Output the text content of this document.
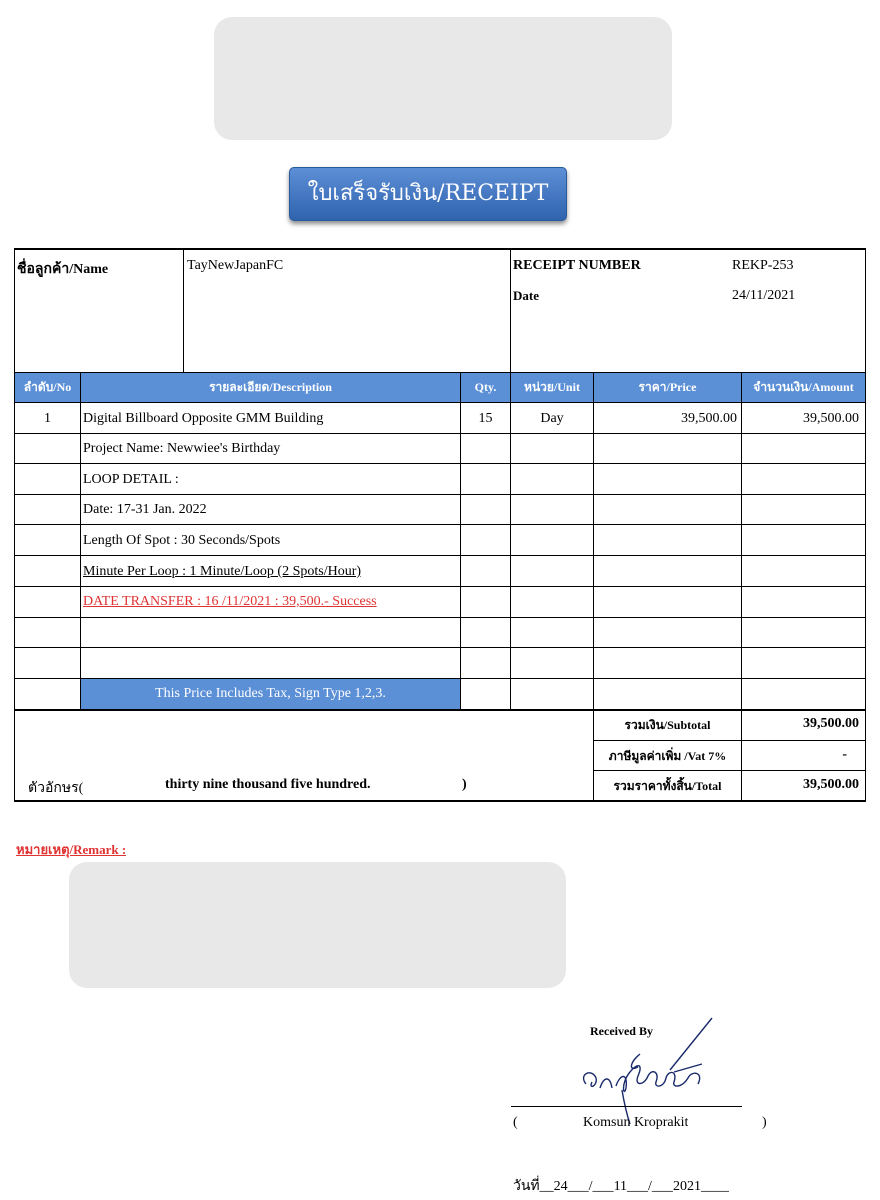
ใบเสร็จรับเงิน/RECEIPT
ลำดับ/No	รายละเอียด/Description	Qty.	หน่วย/Unit	ราคา/Price	จำนวนเงิน/Amount
ชื่อลูกค้า/Name	TayNewJapanFC	RECEIPT NUMBER	REKP-253
Date	24/11/2021
1	Digital Billboard Opposite GMM Building	15	Day	39,500.00	39,500.00
Project Name: Newwiee's Birthday
LOOP DETAIL :
Date: 17-31 Jan. 2022
Length Of Spot : 30 Seconds/Spots
Minute Per Loop : 1 Minute/Loop (2 Spots/Hour)
DATE TRANSFER : 16 /11/2021 : 39,500.- Success
This Price Includes Tax, Sign Type 1,2,3.
รวมเงิน/Subtotal	39,500.00
ภาษีมูลค่าเพิ่ม /Vat 7%	-
รวมราคาทั้งสิ้น/Total	39,500.00
ตัวอักษร(	thirty nine thousand five hundred.	)
หมายเหตุ/Remark :
Received By
(	Komsun Kroprakit	)
วันที่__24___/___11___/___2021____
